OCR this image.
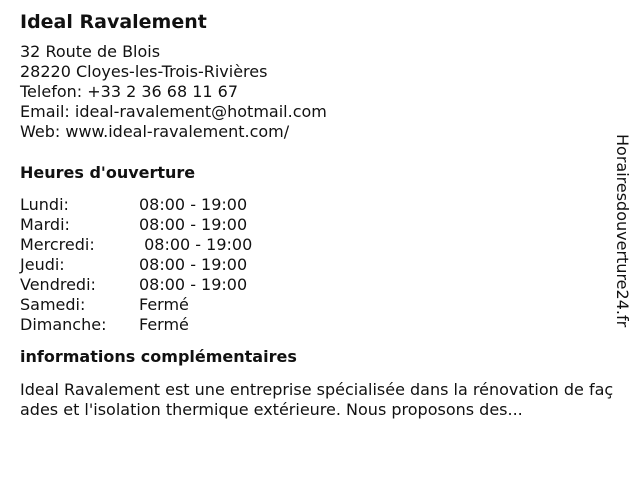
Ideal Ravalement
32 Route de Blois
28220 Cloyes-les-Trois-Rivières
Telefon: +33 2 36 68 11 67
Email: ideal-ravalement@hotmail.com
Web: www.ideal-ravalement.com/
Heures d'ouverture
Lundi:	08:00 - 19:00
Mardi:	08:00 - 19:00
Mercredi:	08:00 - 19:00
Jeudi:	08:00 - 19:00
Vendredi:	08:00 - 19:00
Samedi:	Fermé
Dimanche: Fermé
informations complémentaires

Ideal Ravalement est une entreprise spécialisée dans la rénovation de façades et l'isolation thermique extérieure. Nous proposons des...

Horairesdouverture24.fr
